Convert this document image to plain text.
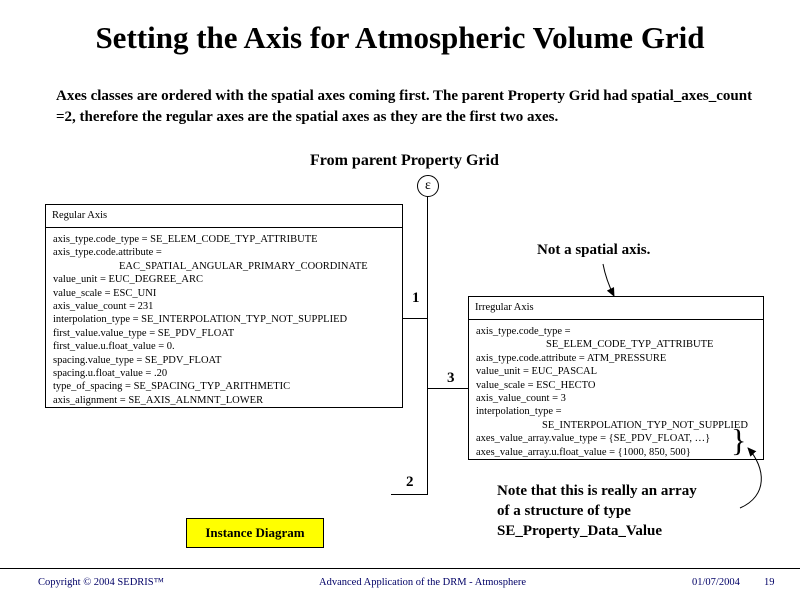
Setting the Axis for Atmospheric Volume Grid
Axes classes are ordered with the spatial axes coming first. The parent Property Grid had spatial_axes_count =2, therefore the regular axes are the spatial axes as they are the first two axes.
From parent Property Grid
ε
1
3
2
Regular Axis
axis_type.code_type = SE_ELEM_CODE_TYP_ATTRIBUTE
axis_type.code.attribute =
EAC_SPATIAL_ANGULAR_PRIMARY_COORDINATE
value_unit = EUC_DEGREE_ARC
value_scale = ESC_UNI
axis_value_count = 231
interpolation_type = SE_INTERPOLATION_TYP_NOT_SUPPLIED
first_value.value_type = SE_PDV_FLOAT
first_value.u.float_value = 0.
spacing.value_type = SE_PDV_FLOAT
spacing.u.float_value = .20
type_of_spacing = SE_SPACING_TYP_ARITHMETIC
axis_alignment = SE_AXIS_ALNMNT_LOWER
Irregular Axis
axis_type.code_type =
SE_ELEM_CODE_TYP_ATTRIBUTE
axis_type.code.attribute = ATM_PRESSURE
value_unit = EUC_PASCAL
value_scale = ESC_HECTO
axis_value_count = 3
interpolation_type =
SE_INTERPOLATION_TYP_NOT_SUPPLIED
axes_value_array.value_type = {SE_PDV_FLOAT, …}
axes_value_array.u.float_value = {1000, 850, 500}
Not a spatial axis.
}
Note that this is really an array
of a structure of type
SE_Property_Data_Value
Instance Diagram
Copyright © 2004 SEDRIS™	Advanced Application of the DRM - Atmosphere	01/07/2004 19
